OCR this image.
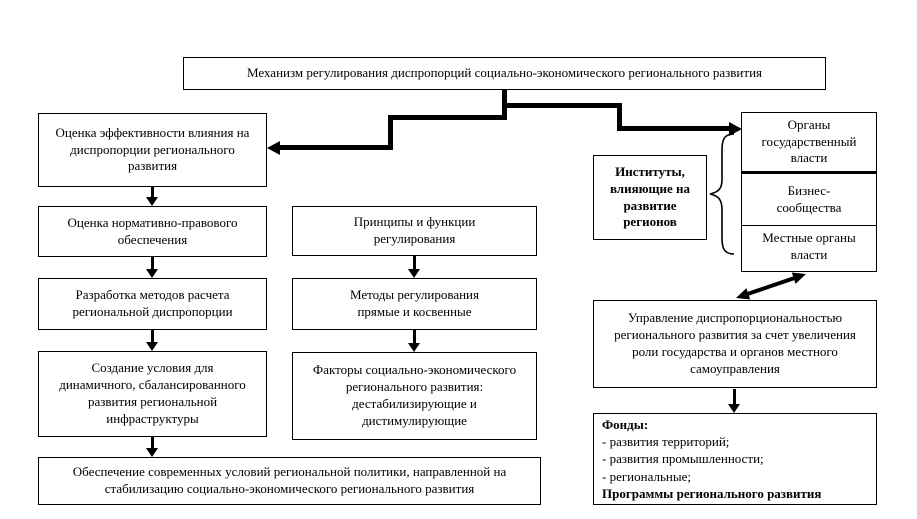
Механизм регулирования диспропорций социально-экономического регионального развития
Оценка эффективности влияния на диспропорции регионального развития
Оценка нормативно-правового обеспечения
Разработка методов расчета региональной диспропорции
Создание условия для динамичного, сбалансированного развития региональной инфраструктуры
Обеспечение современных условий региональной политики, направленной на стабилизацию социально-экономического регионального развития
Принципы и функции регулирования
Методы регулирования прямые и косвенные
Факторы социально-экономического регионального развития: дестабилизирующие и дистимулирующие
Институты, влияющие на развитие регионов
Органы государственный власти
Бизнес-сообщества
Местные органы власти
Управление диспропорциональностью регионального развития за счет увеличения роли государства и органов местного самоуправления
Фонды:
- развития территорий;
- развития промышленности;
- региональные;
Программы регионального развития
